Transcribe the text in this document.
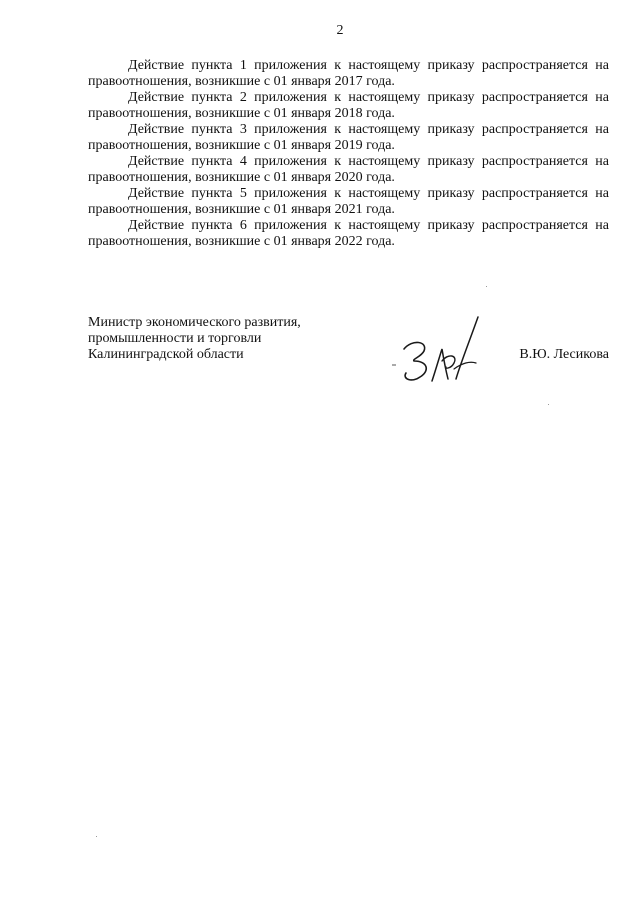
2

Действие пункта 1 приложения к настоящему приказу распространяется на правоотношения, возникшие с 01 января 2017 года.

Действие пункта 2 приложения к настоящему приказу распространяется на правоотношения, возникшие с 01 января 2018 года.

Действие пункта 3 приложения к настоящему приказу распространяется на правоотношения, возникшие с 01 января 2019 года.

Действие пункта 4 приложения к настоящему приказу распространяется на правоотношения, возникшие с 01 января 2020 года.

Действие пункта 5 приложения к настоящему приказу распространяется на правоотношения, возникшие с 01 января 2021 года.

Действие пункта 6 приложения к настоящему приказу распространяется на правоотношения, возникшие с 01 января 2022 года.

Министр экономического развития,
промышленности и торговли
Калининградской области	В.Ю. Лесикова
